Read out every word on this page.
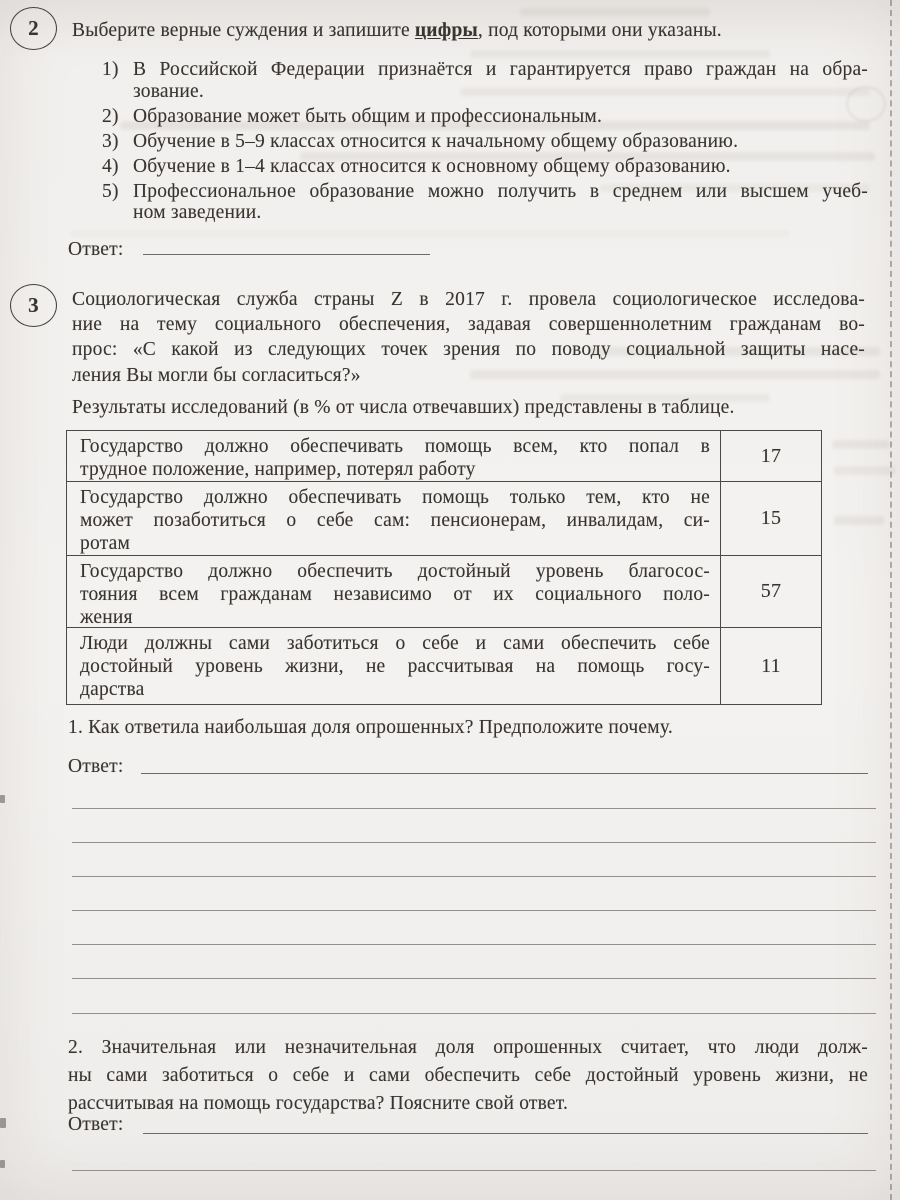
2 Выберите верные суждения и запишите цифры, под которыми они указаны.
1) В Российской Федерации признаётся и гарантируется право граждан на обра-
зование.
2) Образование может быть общим и профессиональным.
3) Обучение в 5–9 классах относится к начальному общему образованию.
4) Обучение в 1–4 классах относится к основному общему образованию.
5) Профессиональное образование можно получить в среднем или высшем учеб-
ном заведении.
Ответ:
3 Социологическая служба страны Z в 2017 г. провела социологическое исследова-
ние на тему социального обеспечения, задавая совершеннолетним гражданам во-
прос: «С какой из следующих точек зрения по поводу социальной защиты насе-
ления Вы могли бы согласиться?»
Результаты исследований (в % от числа отвечавших) представлены в таблице.
Государство должно обеспечивать помощь всем, кто попал в
трудное положение, например, потерял работу
17
Государство должно обеспечивать помощь только тем, кто не
может позаботиться о себе сам: пенсионерам, инвалидам, си-
ротам
15
Государство должно обеспечить достойный уровень благосос-
тояния всем гражданам независимо от их социального поло-
жения
57
Люди должны сами заботиться о себе и сами обеспечить себе
достойный уровень жизни, не рассчитывая на помощь госу-
дарства
11
1. Как ответила наибольшая доля опрошенных? Предположите почему.
Ответ:
2. Значительная или незначительная доля опрошенных считает, что люди долж-
ны сами заботиться о себе и сами обеспечить себе достойный уровень жизни, не
рассчитывая на помощь государства? Поясните свой ответ.
Ответ:
